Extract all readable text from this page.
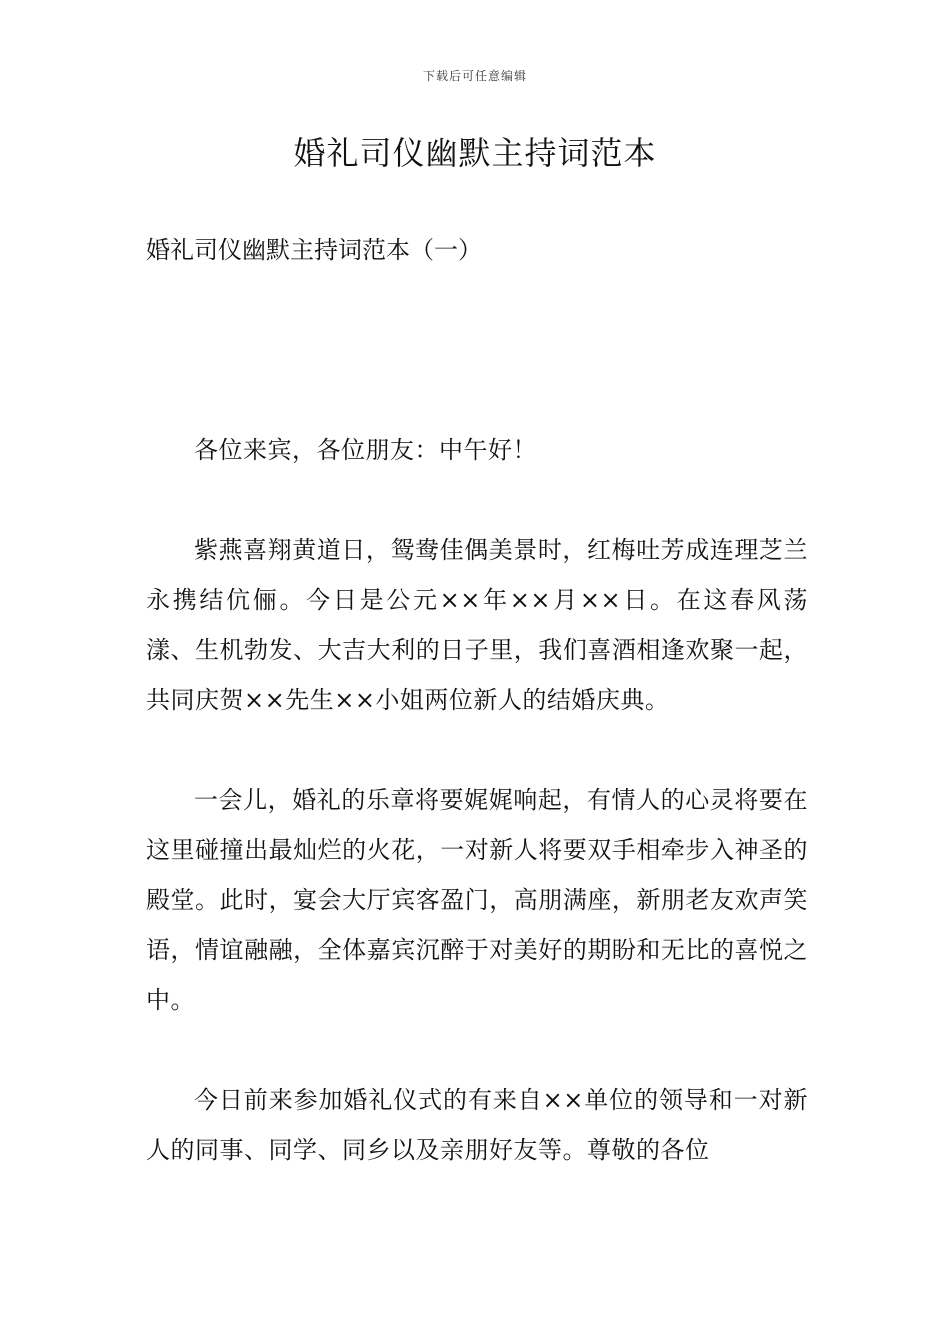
下载后可任意编辑
婚礼司仪幽默主持词范本
婚礼司仪幽默主持词范本（一）

各位来宾，各位朋友：中午好！

紫燕喜翔黄道日，鸳鸯佳偶美景时，红梅吐芳成连理芝兰永携结伉俪。今日是公元××年××月××日。在这春风荡漾、生机勃发、大吉大利的日子里，我们喜酒相逢欢聚一起，共同庆贺××先生××小姐两位新人的结婚庆典。

一会儿，婚礼的乐章将要娓娓响起，有情人的心灵将要在这里碰撞出最灿烂的火花，一对新人将要双手相牵步入神圣的殿堂。此时，宴会大厅宾客盈门，高朋满座，新朋老友欢声笑语，情谊融融，全体嘉宾沉醉于对美好的期盼和无比的喜悦之中。

今日前来参加婚礼仪式的有来自××单位的领导和一对新人的同事、同学、同乡以及亲朋好友等。尊敬的各位
